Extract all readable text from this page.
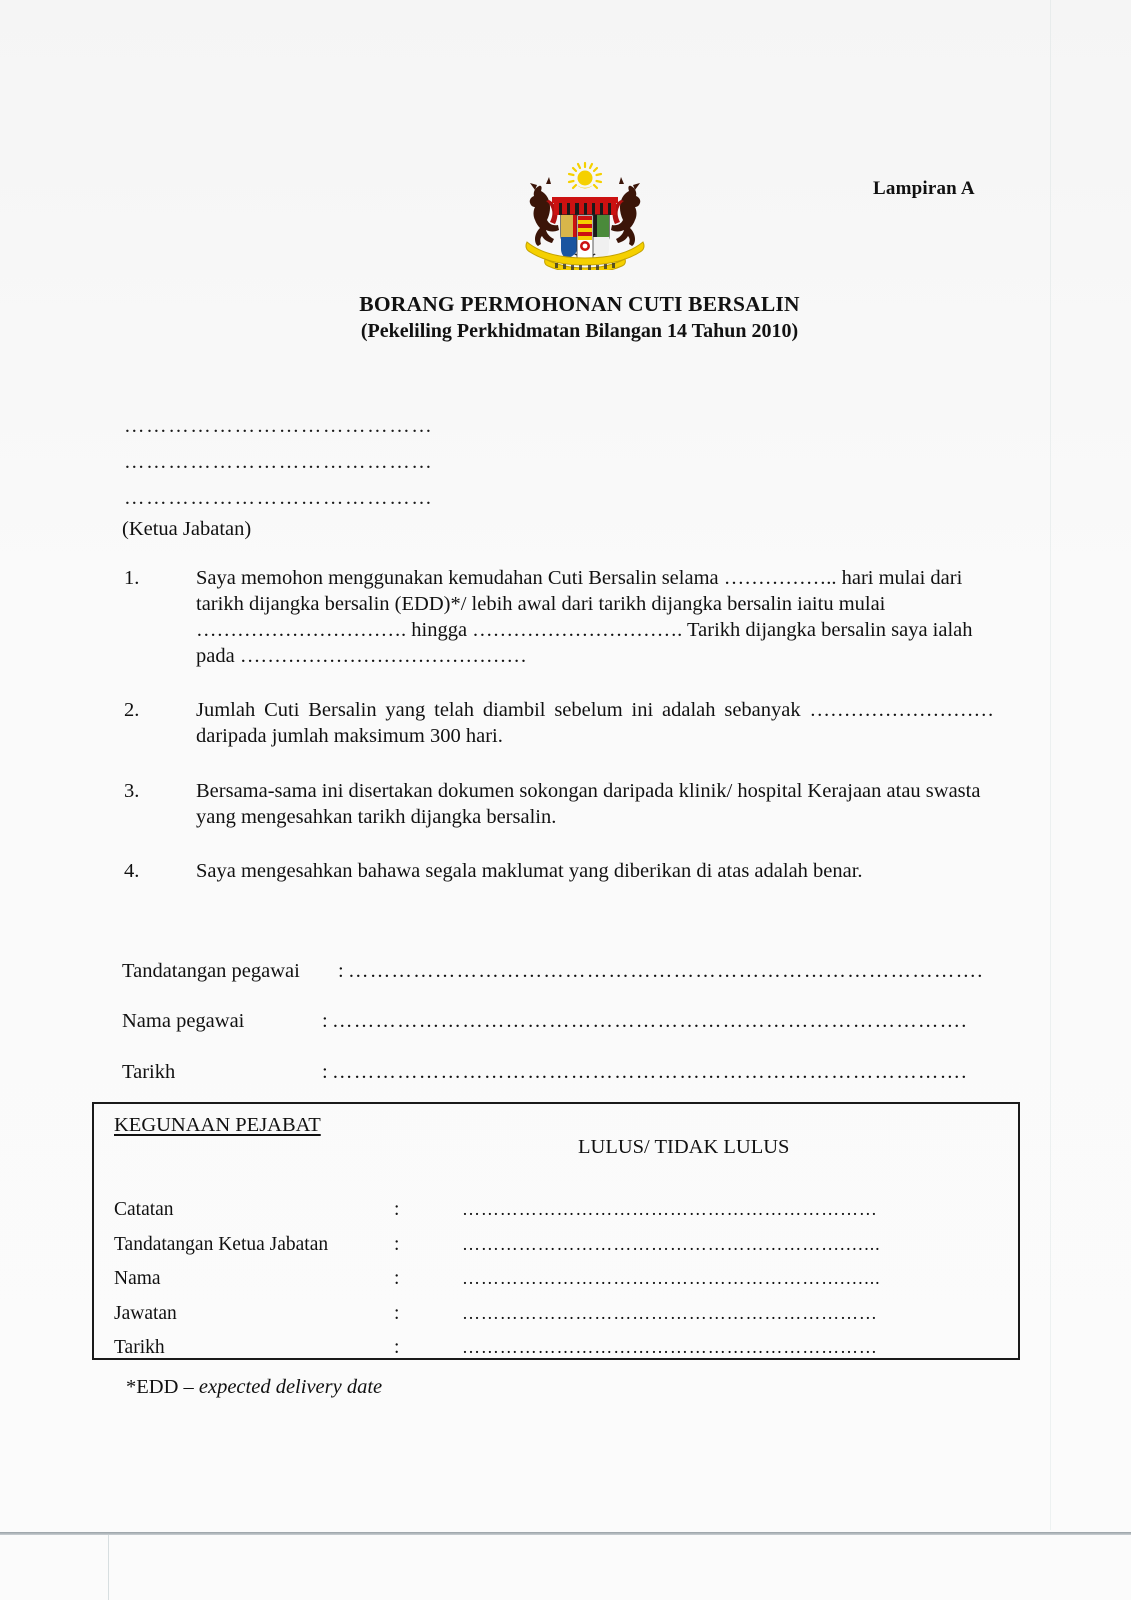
Lampiran A

BORANG PERMOHONAN CUTI BERSALIN

(Pekeliling Perkhidmatan Bilangan 14 Tahun 2010)

……………………………………
……………………………………
……………………………………
(Ketua Jabatan)
1.	Saya memohon menggunakan kemudahan Cuti Bersalin selama …………….. hari mulai dari tarikh dijangka bersalin (EDD)*/ lebih awal dari tarikh dijangka bersalin iaitu mulai …………………………. hingga …………………………. Tarikh dijangka bersalin saya ialah pada ……………………………………
2.	Jumlah Cuti Bersalin yang telah diambil sebelum ini adalah sebanyak ……………………… daripada jumlah maksimum 300 hari.
3.	Bersama-sama ini disertakan dokumen sokongan daripada klinik/ hospital Kerajaan atau swasta yang mengesahkan tarikh dijangka bersalin.
4.	Saya mengesahkan bahawa segala maklumat yang diberikan di atas adalah benar.
Tandatangan pegawai : …………………………………………………………………………….
Nama pegawai	: …………………………………………………………………………….
Tarikh	: …………………………………………………………………………….
KEGUNAAN PEJABAT
LULUS/ TIDAK LULUS
Catatan	:	…………………………………………………………
Tandatangan Ketua Jabatan	:	…………………………………………………….…...
Nama	:	…………………………………………………….…...
Jawatan	:	…………………………………………………………
Tarikh	:	…………………………………………………………
*EDD – expected delivery date
